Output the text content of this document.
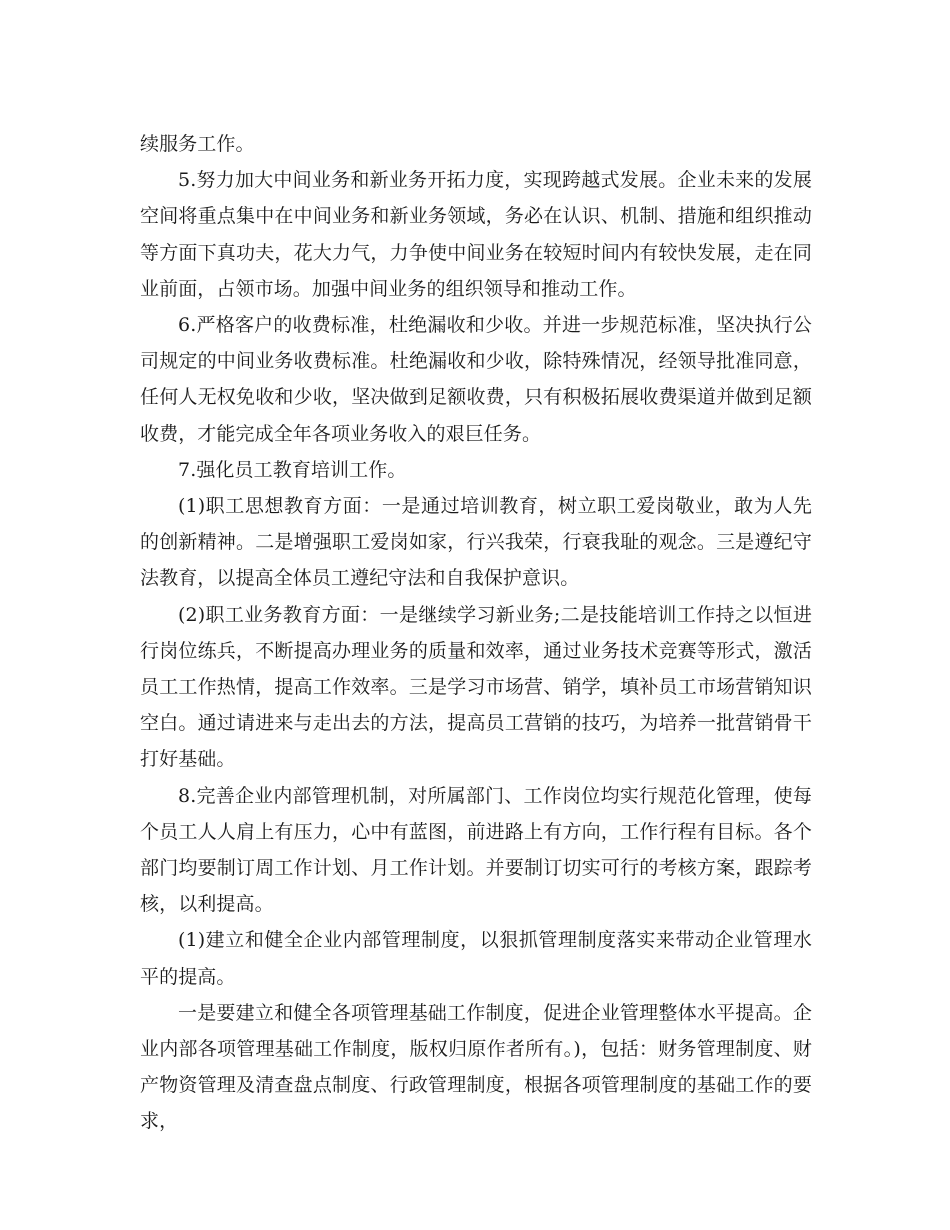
续服务工作。

5.努力加大中间业务和新业务开拓力度，实现跨越式发展。企业未来的发展空间将重点集中在中间业务和新业务领域，务必在认识、机制、措施和组织推动等方面下真功夫，花大力气，力争使中间业务在较短时间内有较快发展，走在同业前面，占领市场。加强中间业务的组织领导和推动工作。

6.严格客户的收费标准，杜绝漏收和少收。并进一步规范标准，坚决执行公司规定的中间业务收费标准。杜绝漏收和少收，除特殊情况，经领导批准同意，任何人无权免收和少收，坚决做到足额收费，只有积极拓展收费渠道并做到足额收费，才能完成全年各项业务收入的艰巨任务。

7.强化员工教育培训工作。

(1)职工思想教育方面：一是通过培训教育，树立职工爱岗敬业，敢为人先的创新精神。二是增强职工爱岗如家，行兴我荣，行衰我耻的观念。三是遵纪守法教育，以提高全体员工遵纪守法和自我保护意识。

(2)职工业务教育方面：一是继续学习新业务;二是技能培训工作持之以恒进行岗位练兵，不断提高办理业务的质量和效率，通过业务技术竞赛等形式，激活员工工作热情，提高工作效率。三是学习市场营、销学，填补员工市场营销知识空白。通过请进来与走出去的方法，提高员工营销的技巧，为培养一批营销骨干打好基础。

8.完善企业内部管理机制，对所属部门、工作岗位均实行规范化管理，使每个员工人人肩上有压力，心中有蓝图，前进路上有方向，工作行程有目标。各个部门均要制订周工作计划、月工作计划。并要制订切实可行的考核方案，跟踪考核，以利提高。

(1)建立和健全企业内部管理制度，以狠抓管理制度落实来带动企业管理水平的提高。

一是要建立和健全各项管理基础工作制度，促进企业管理整体水平提高。企业内部各项管理基础工作制度，版权归原作者所有。)，包括：财务管理制度、财产物资管理及清查盘点制度、行政管理制度，根据各项管理制度的基础工作的要求，
